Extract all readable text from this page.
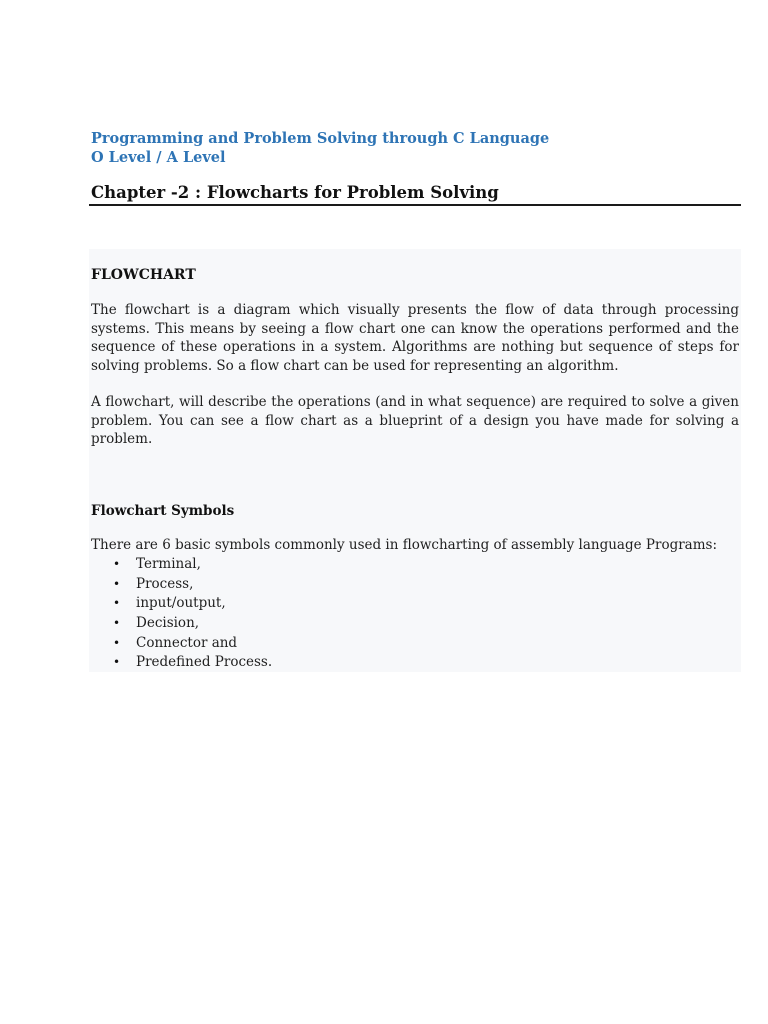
Programming and Problem Solving through C Language

O Level / A Level

Chapter -2 : Flowcharts for Problem Solving
FLOWCHART

The flowchart is a diagram which visually presents the flow of data through processing systems. This means by seeing a flow chart one can know the operations performed and the sequence of these operations in a system. Algorithms are nothing but sequence of steps for solving problems. So a flow chart can be used for representing an algorithm.

A flowchart, will describe the operations (and in what sequence) are required to solve a given problem. You can see a flow chart as a blueprint of a design you have made for solving a problem.

Flowchart Symbols

There are 6 basic symbols commonly used in flowcharting of assembly language Programs:

• Terminal,
• Process,
• input/output,
• Decision,
• Connector and
• Predefined Process.
